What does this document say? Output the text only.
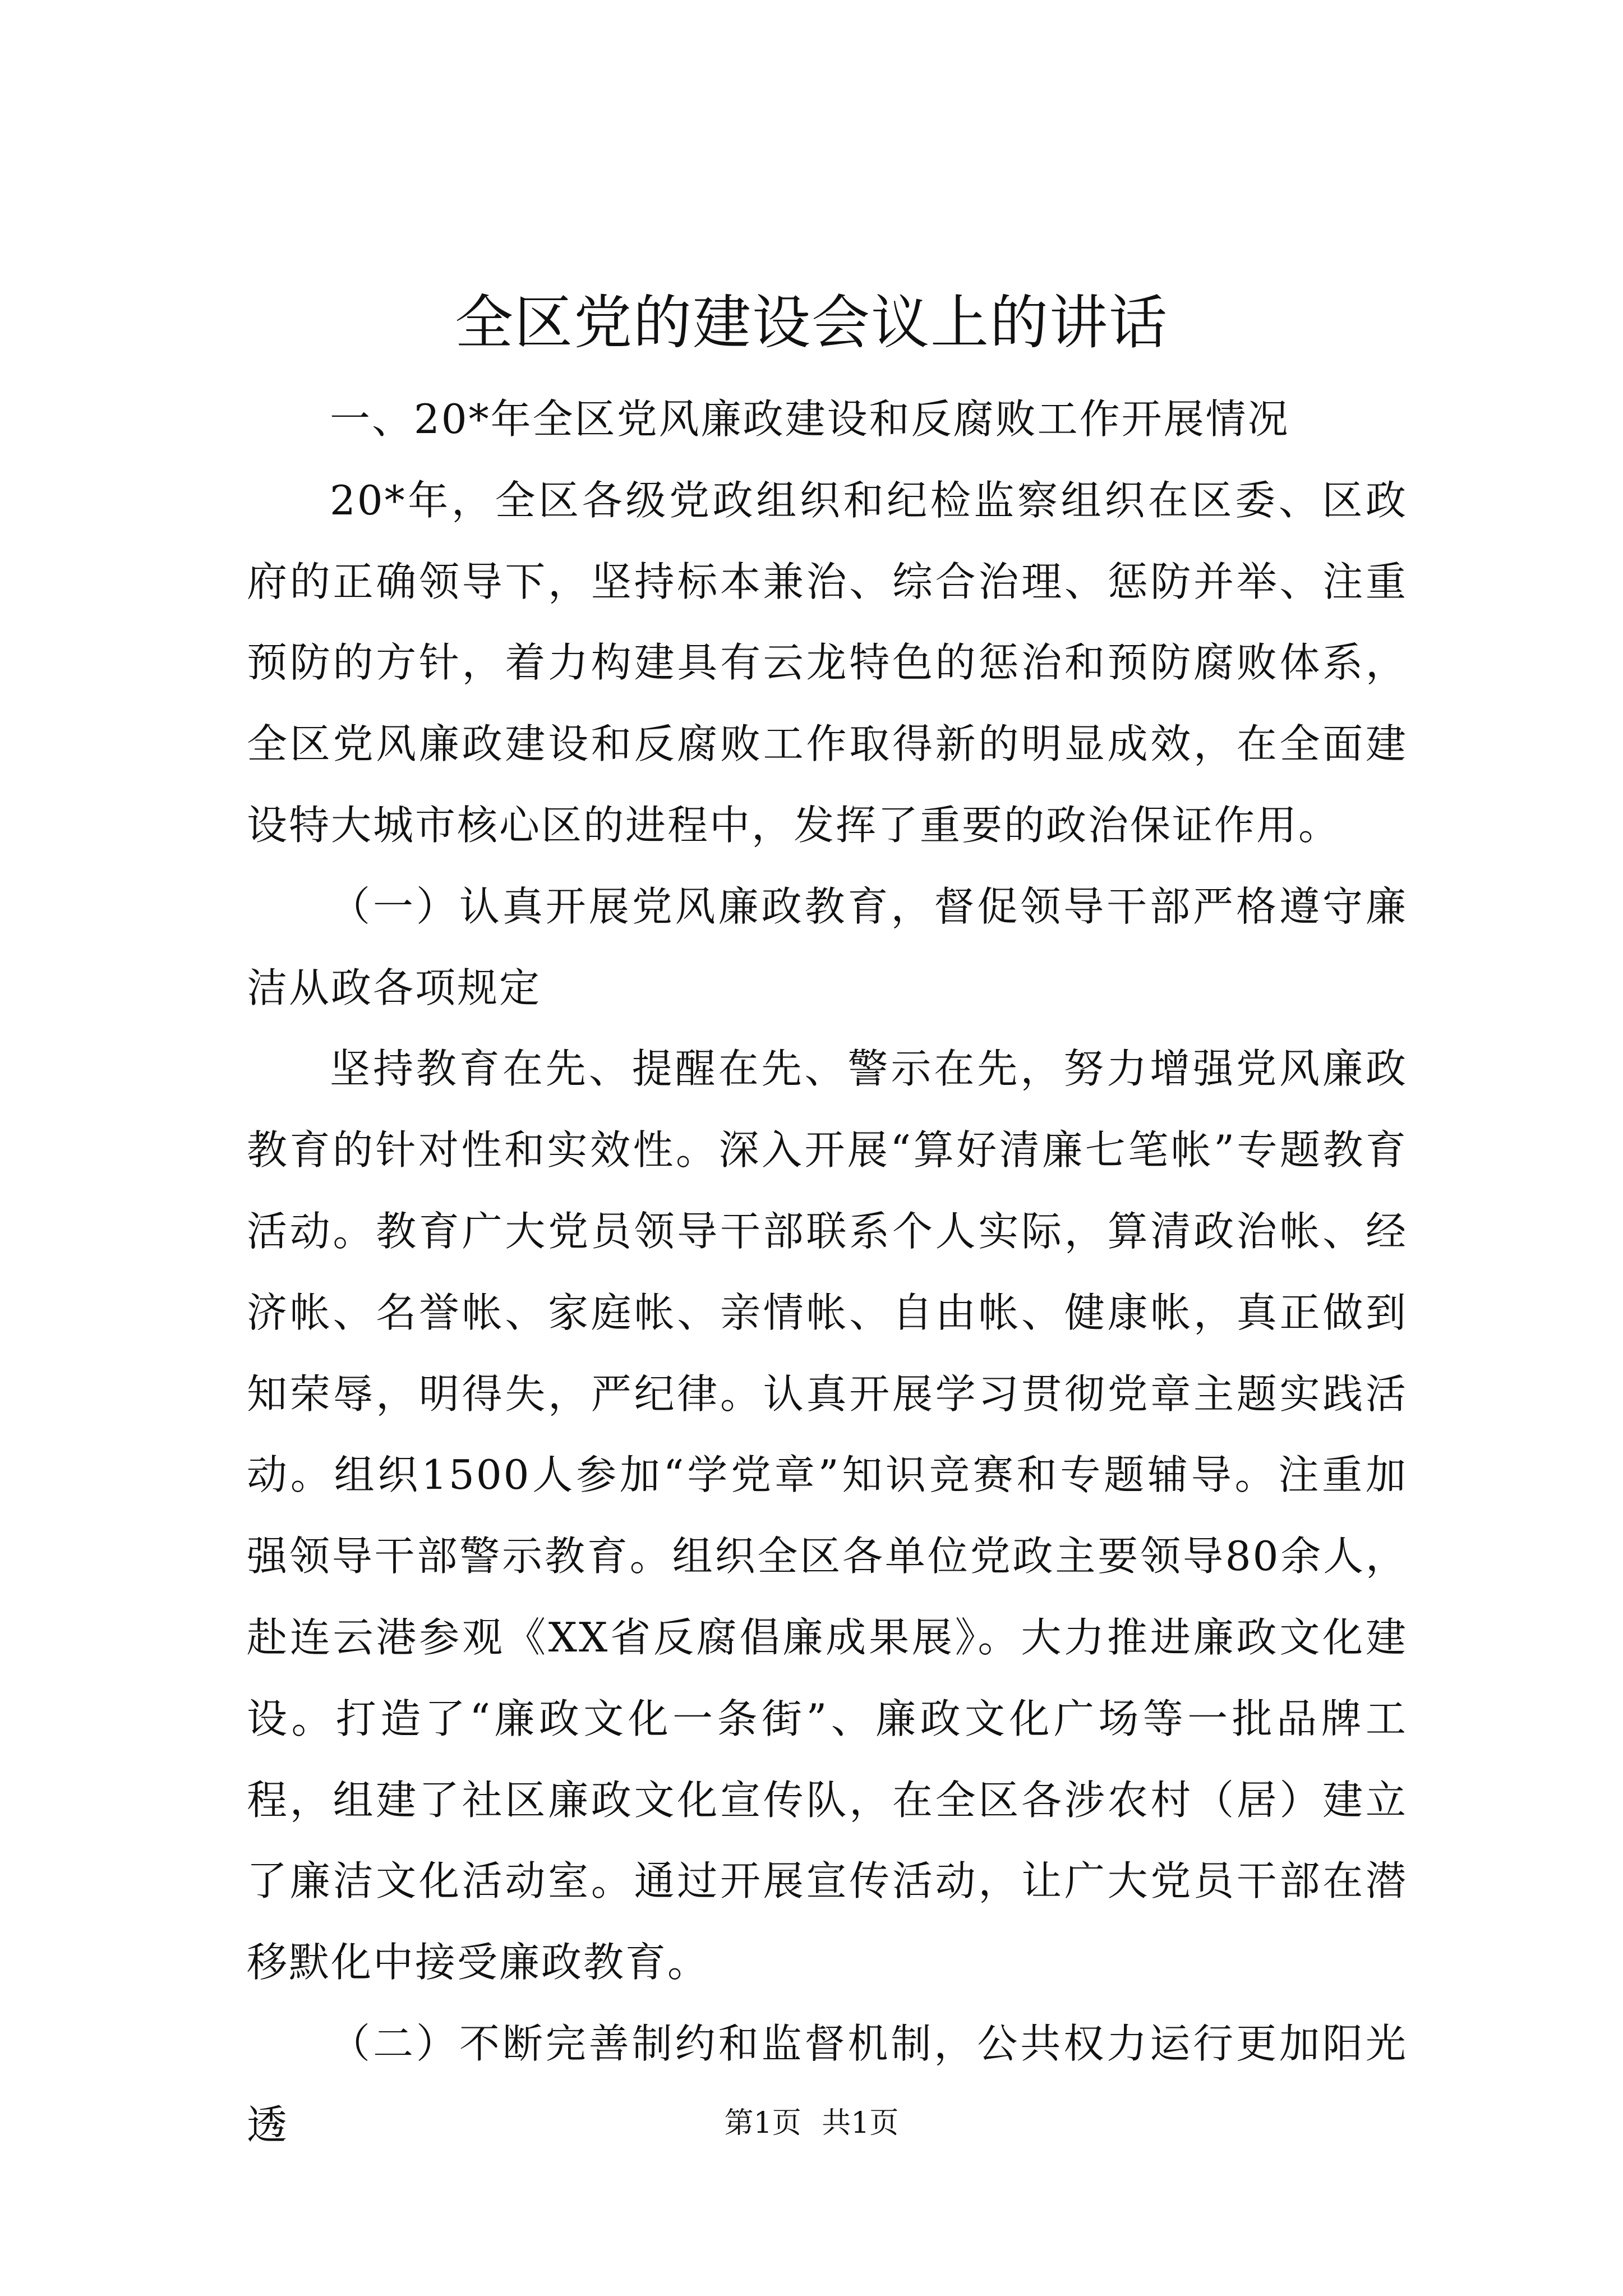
全区党的建设会议上的讲话

一、20*年全区党风廉政建设和反腐败工作开展情况

20*年，全区各级党政组织和纪检监察组织在区委、区政府的正确领导下，坚持标本兼治、综合治理、惩防并举、注重预防的方针，着力构建具有云龙特色的惩治和预防腐败体系，全区党风廉政建设和反腐败工作取得新的明显成效，在全面建设特大城市核心区的进程中，发挥了重要的政治保证作用。

（一）认真开展党风廉政教育，督促领导干部严格遵守廉洁从政各项规定

坚持教育在先、提醒在先、警示在先，努力增强党风廉政教育的针对性和实效性。深入开展“算好清廉七笔帐”专题教育活动。教育广大党员领导干部联系个人实际，算清政治帐、经济帐、名誉帐、家庭帐、亲情帐、自由帐、健康帐，真正做到知荣辱，明得失，严纪律。认真开展学习贯彻党章主题实践活动。组织1500人参加“学党章”知识竞赛和专题辅导。注重加强领导干部警示教育。组织全区各单位党政主要领导80余人，赴连云港参观《XX省反腐倡廉成果展》。大力推进廉政文化建设。打造了“廉政文化一条街”、廉政文化广场等一批品牌工程，组建了社区廉政文化宣传队，在全区各涉农村（居）建立了廉洁文化活动室。通过开展宣传活动，让广大党员干部在潜移默化中接受廉政教育。

（二）不断完善制约和监督机制，公共权力运行更加阳光透	第1页 共1页
